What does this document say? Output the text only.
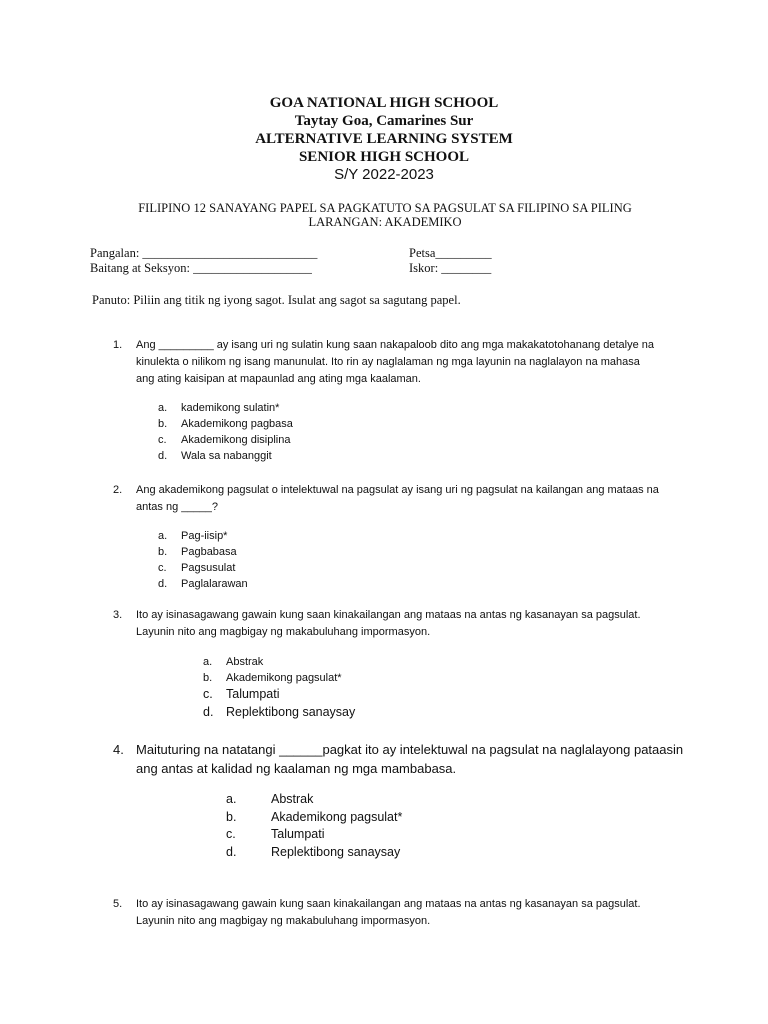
GOA NATIONAL HIGH SCHOOL
Taytay Goa, Camarines Sur
ALTERNATIVE LEARNING SYSTEM
SENIOR HIGH SCHOOL
S/Y 2022-2023
FILIPINO 12 SANAYANG PAPEL SA PAGKATUTO SA PAGSULAT SA FILIPINO SA PILING
LARANGAN: AKADEMIKO
Pangalan: ____________________________
Baitang at Seksyon: ___________________
Petsa_________
Iskor: ________
Panuto: Piliin ang titik ng iyong sagot. Isulat ang sagot sa sagutang papel.
1. Ang _________ ay isang uri ng sulatin kung saan nakapaloob dito ang mga makakatotohanang detalye na
kinulekta o nilikom ng isang manunulat. Ito rin ay naglalaman ng mga layunin na naglalayon na mahasa
ang ating kaisipan at mapaunlad ang ating mga kaalaman.
a. kademikong sulatin*
b. Akademikong pagbasa
c. Akademikong disiplina
d. Wala sa nabanggit
2. Ang akademikong pagsulat o intelektuwal na pagsulat ay isang uri ng pagsulat na kailangan ang mataas na
antas ng _____?
a. Pag-iisip*
b. Pagbabasa
c. Pagsusulat
d. Paglalarawan
3. Ito ay isinasagawang gawain kung saan kinakailangan ang mataas na antas ng kasanayan sa pagsulat.
Layunin nito ang magbigay ng makabuluhang impormasyon.
a. Abstrak
b. Akademikong pagsulat*
c. Talumpati
d. Replektibong sanaysay
4. Maituturing na natatangi ______pagkat ito ay intelektuwal na pagsulat na naglalayong pataasin
ang antas at kalidad ng kaalaman ng mga mambabasa.
a.	Abstrak
b.	Akademikong pagsulat*
c.	Talumpati
d.	Replektibong sanaysay
5. Ito ay isinasagawang gawain kung saan kinakailangan ang mataas na antas ng kasanayan sa pagsulat.
Layunin nito ang magbigay ng makabuluhang impormasyon.
